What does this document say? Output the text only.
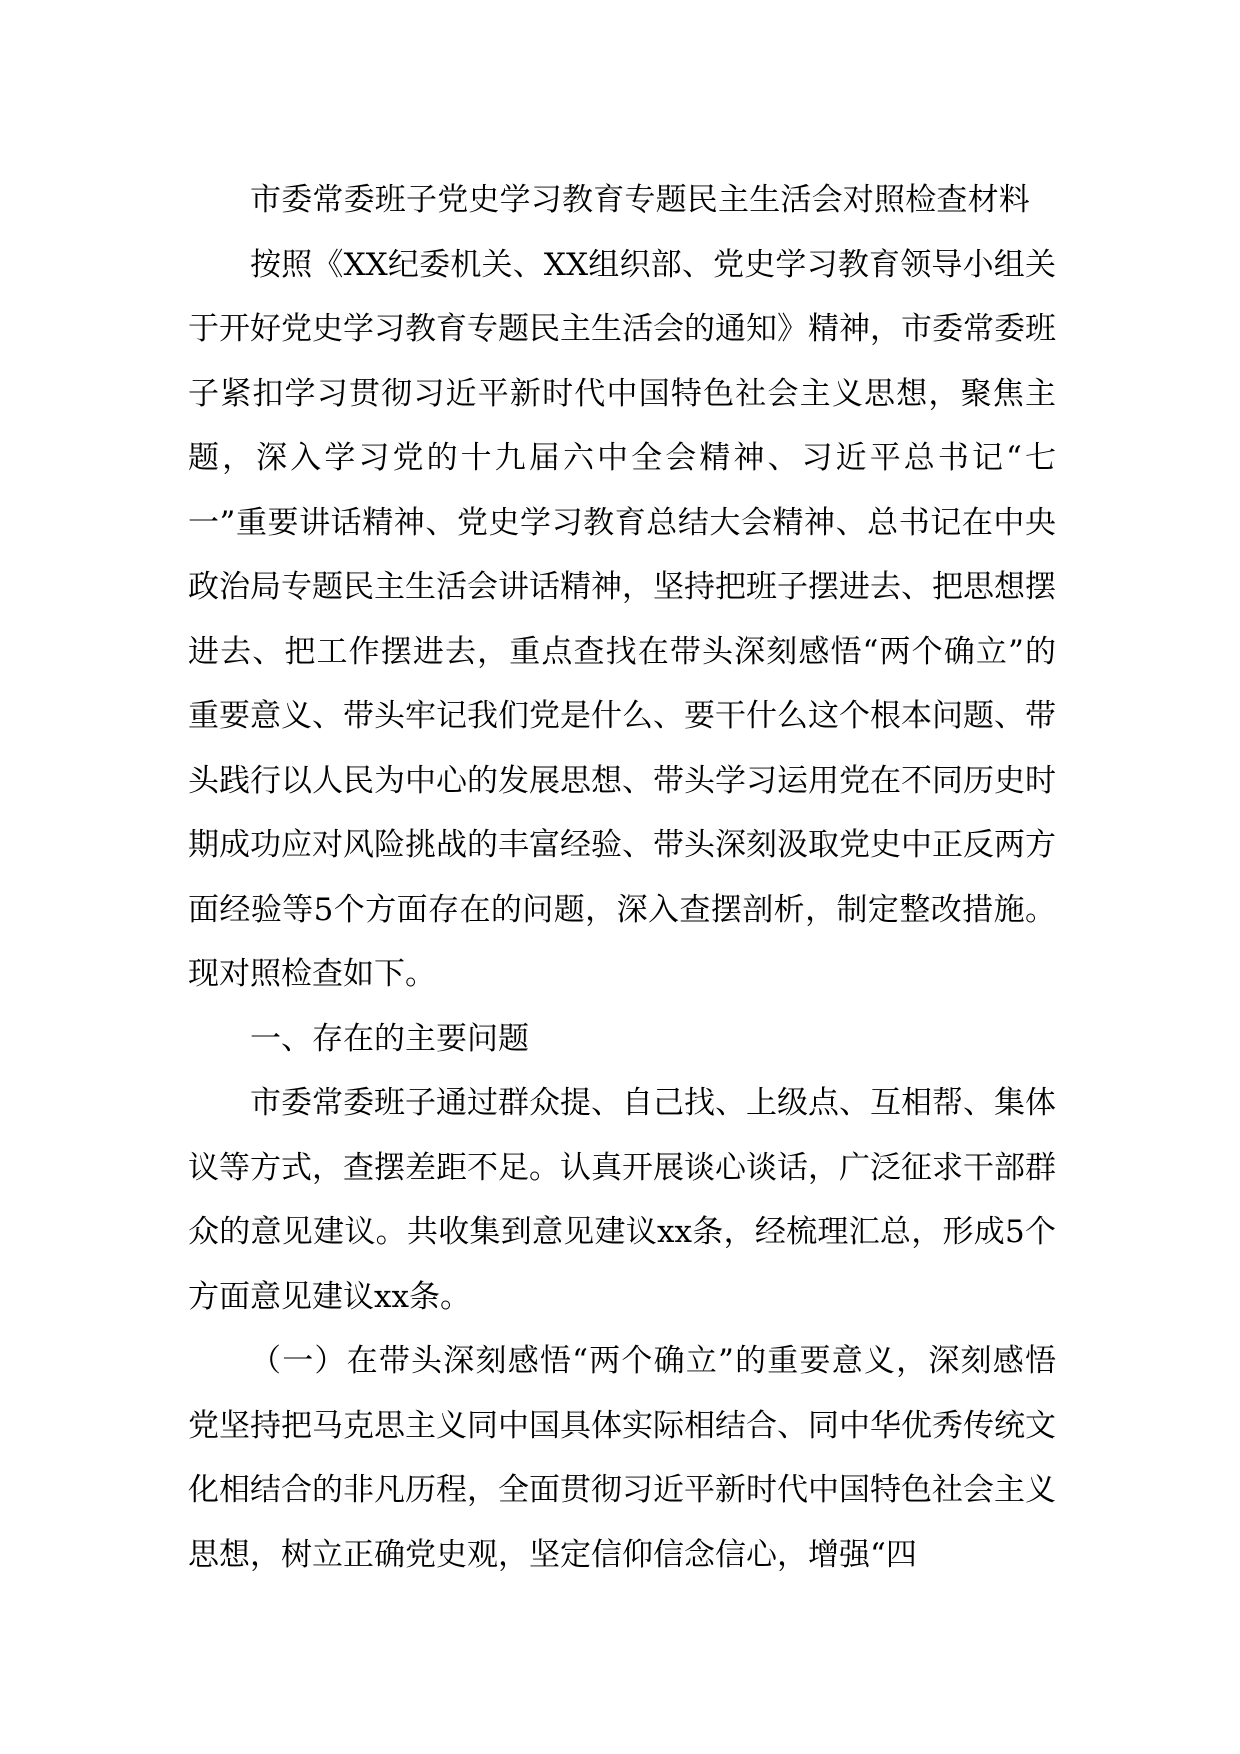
市委常委班子党史学习教育专题民主生活会对照检查材料

按照《XX纪委机关、XX组织部、党史学习教育领导小组关于开好党史学习教育专题民主生活会的通知》精神，市委常委班子紧扣学习贯彻习近平新时代中国特色社会主义思想，聚焦主题，深入学习党的十九届六中全会精神、习近平总书记“七一”重要讲话精神、党史学习教育总结大会精神、总书记在中央政治局专题民主生活会讲话精神，坚持把班子摆进去、把思想摆进去、把工作摆进去，重点查找在带头深刻感悟“两个确立”的重要意义、带头牢记我们党是什么、要干什么这个根本问题、带头践行以人民为中心的发展思想、带头学习运用党在不同历史时期成功应对风险挑战的丰富经验、带头深刻汲取党史中正反两方面经验等5个方面存在的问题，深入查摆剖析，制定整改措施。现对照检查如下。

一、存在的主要问题

市委常委班子通过群众提、自己找、上级点、互相帮、集体议等方式，查摆差距不足。认真开展谈心谈话，广泛征求干部群众的意见建议。共收集到意见建议xx条，经梳理汇总，形成5个方面意见建议xx条。

（一）在带头深刻感悟“两个确立”的重要意义，深刻感悟党坚持把马克思主义同中国具体实际相结合、同中华优秀传统文化相结合的非凡历程，全面贯彻习近平新时代中国特色社会主义思想，树立正确党史观，坚定信仰信念信心，增强“四
